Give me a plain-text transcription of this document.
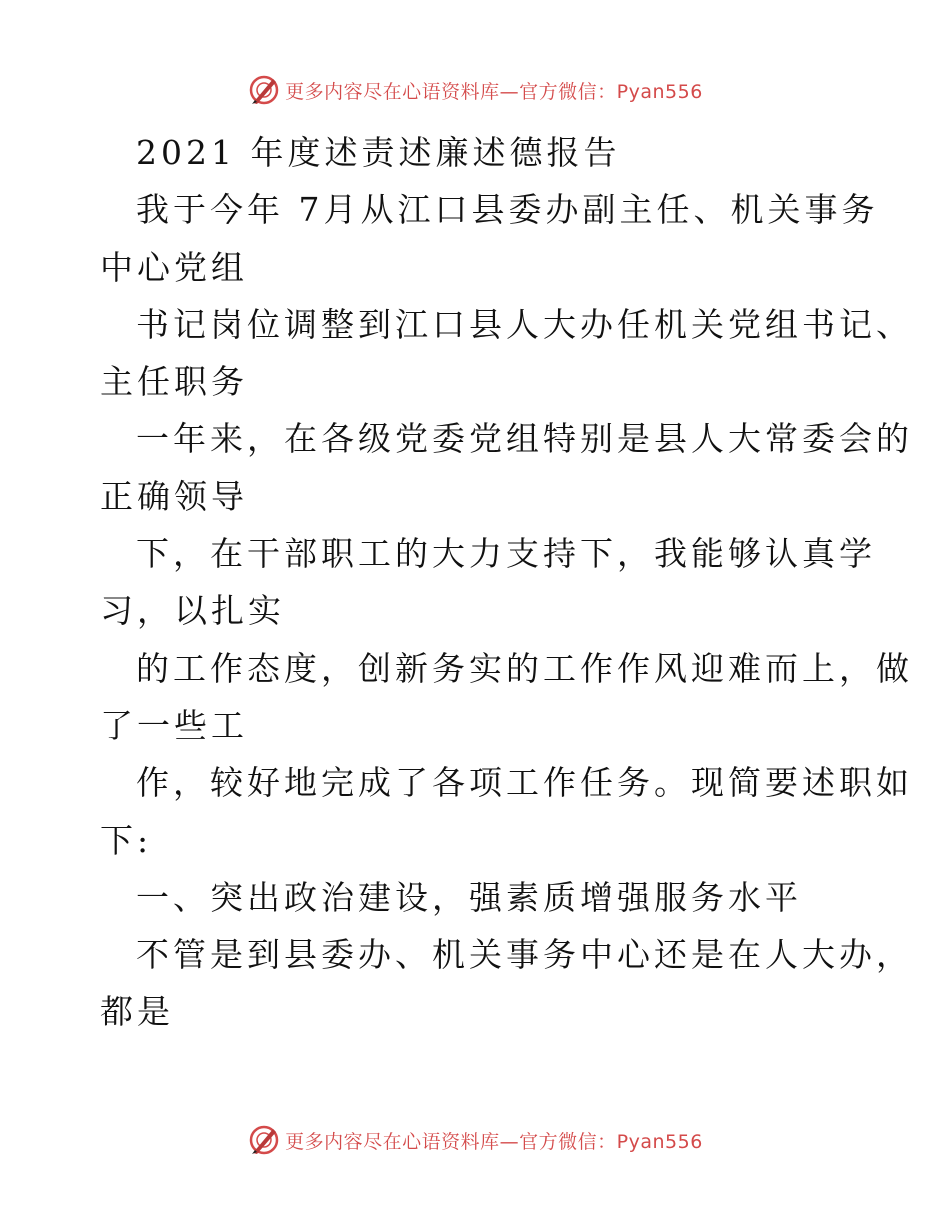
更多内容尽在心语资料库—官方微信：Pyan556
2021 年度述责述廉述德报告
我于今年 7月从江口县委办副主任、机关事务
中心党组
书记岗位调整到江口县人大办任机关党组书记、
主任职务
一年来，在各级党委党组特别是县人大常委会的
正确领导
下，在干部职工的大力支持下，我能够认真学
习，以扎实
的工作态度，创新务实的工作作风迎难而上，做
了一些工
作，较好地完成了各项工作任务。现简要述职如
下:
一、突出政治建设，强素质增强服务水平
不管是到县委办、机关事务中心还是在人大办，
都是
更多内容尽在心语资料库—官方微信：Pyan556
